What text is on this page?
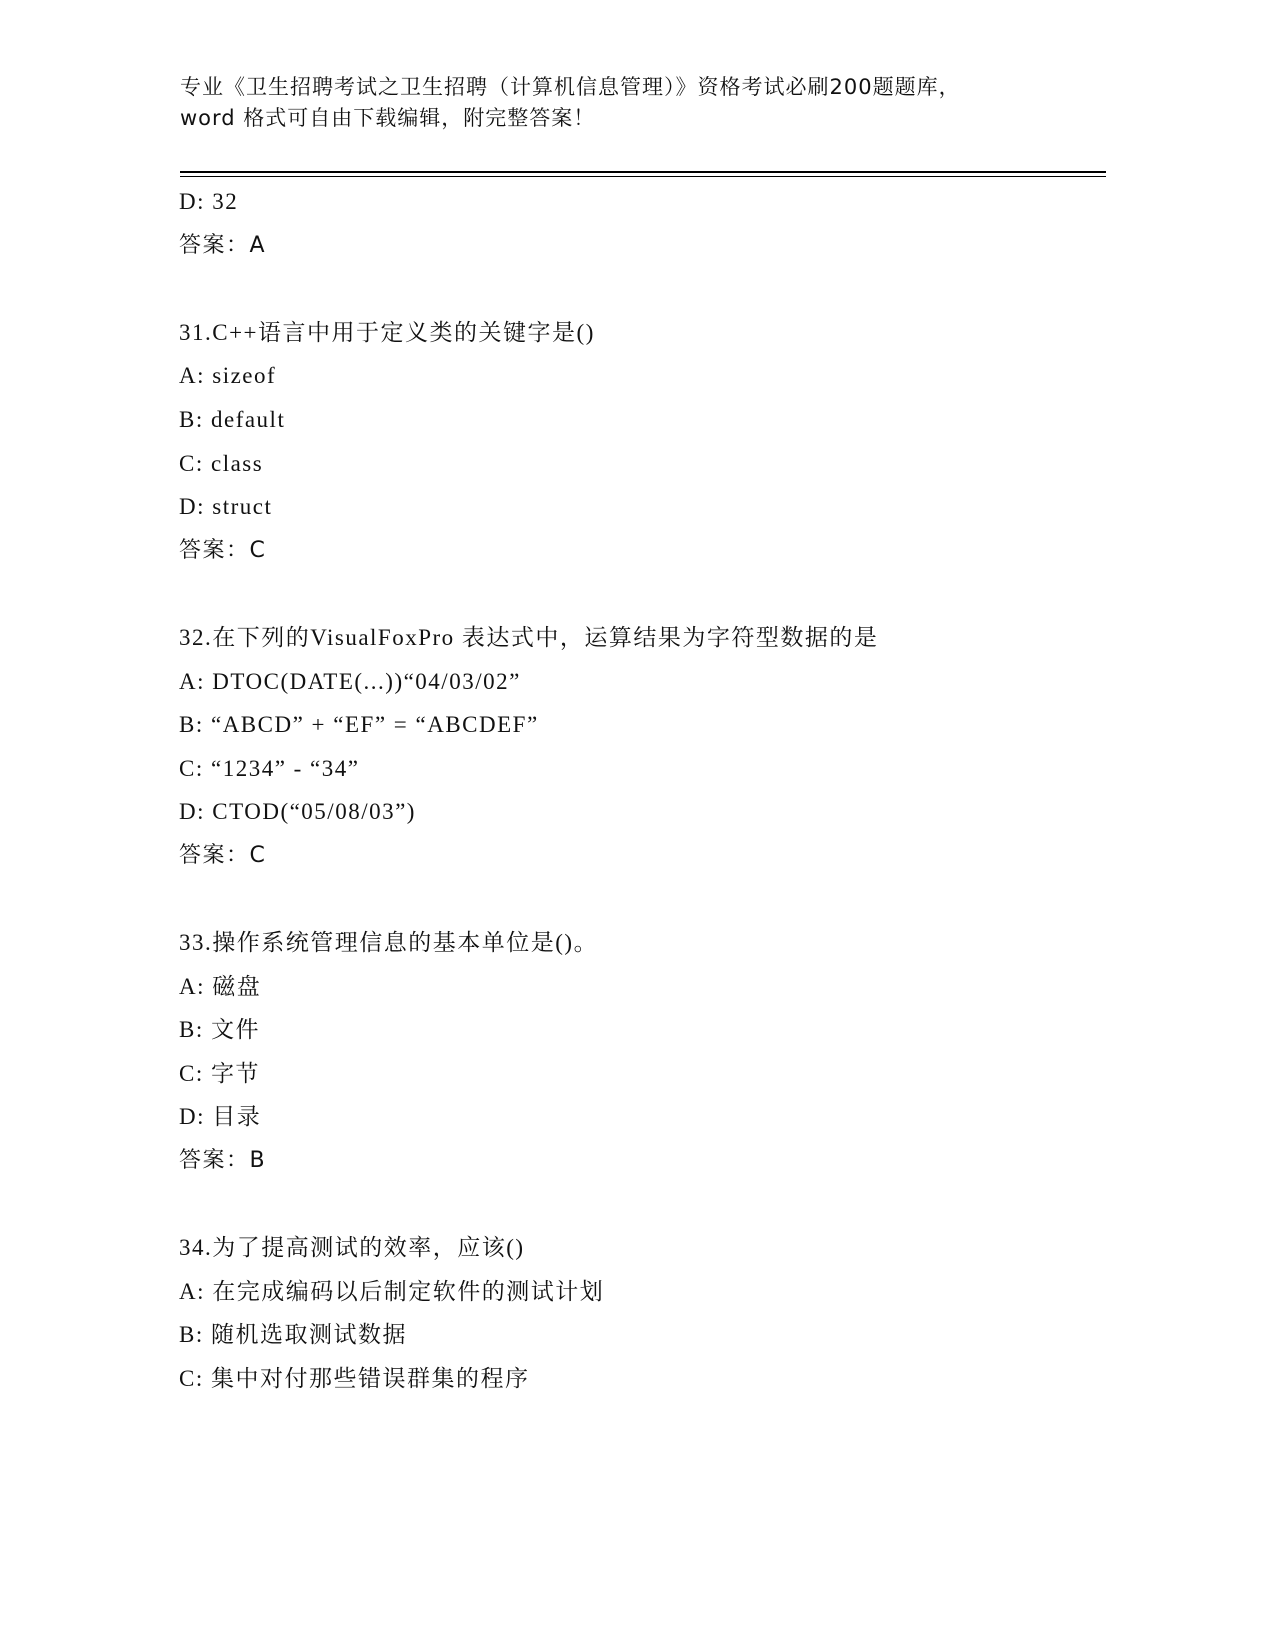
专业《卫生招聘考试之卫生招聘（计算机信息管理）》资格考试必刷200题题库，
word 格式可自由下载编辑，附完整答案！
D: 32
答案：A
31.C++语言中用于定义类的关键字是()
A: sizeof
B: default
C: class
D: struct
答案：C
32.在下列的VisualFoxPro 表达式中，运算结果为字符型数据的是
A: DTOC(DATE(...))“04/03/02”
B: “ABCD” + “EF” = “ABCDEF”
C: “1234” - “34”
D: CTOD(“05/08/03”)
答案：C
33.操作系统管理信息的基本单位是()。
A: 磁盘
B: 文件
C: 字节
D: 目录
答案：B
34.为了提高测试的效率，应该()
A: 在完成编码以后制定软件的测试计划
B: 随机选取测试数据
C: 集中对付那些错误群集的程序
